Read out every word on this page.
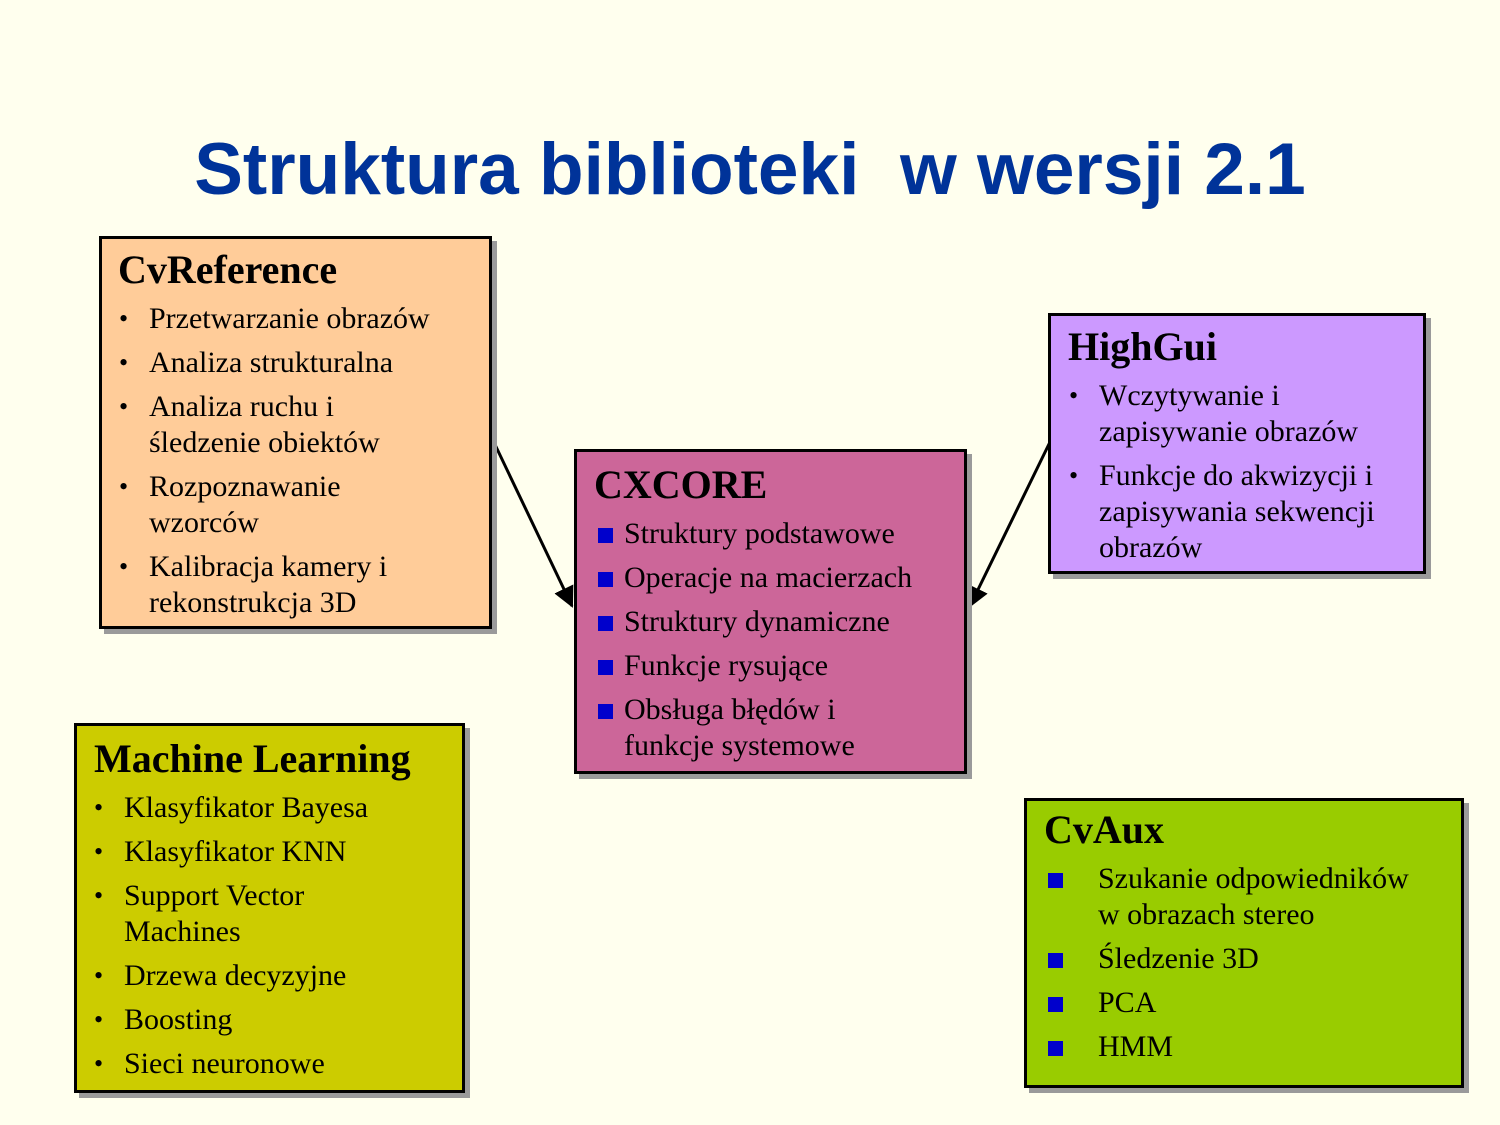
Struktura biblioteki  w wersji 2.1
CvReference
• Przetwarzanie obrazów
• Analiza strukturalna
• Analiza ruchu i
śledzenie obiektów
• Rozpoznawanie
wzorców
• Kalibracja kamery i
rekonstrukcja 3D
HighGui
• Wczytywanie i
zapisywanie obrazów
• Funkcje do akwizycji i
zapisywania sekwencji
obrazów
CXCORE
Struktury podstawowe
Operacje na macierzach
Struktury dynamiczne
Funkcje rysujące
Obsługa błędów i
funkcje systemowe
Machine Learning
• Klasyfikator Bayesa
• Klasyfikator KNN
• Support Vector
Machines
• Drzewa decyzyjne
• Boosting
• Sieci neuronowe
CvAux
Szukanie odpowiedników
w obrazach stereo
Śledzenie 3D
PCA
HMM
